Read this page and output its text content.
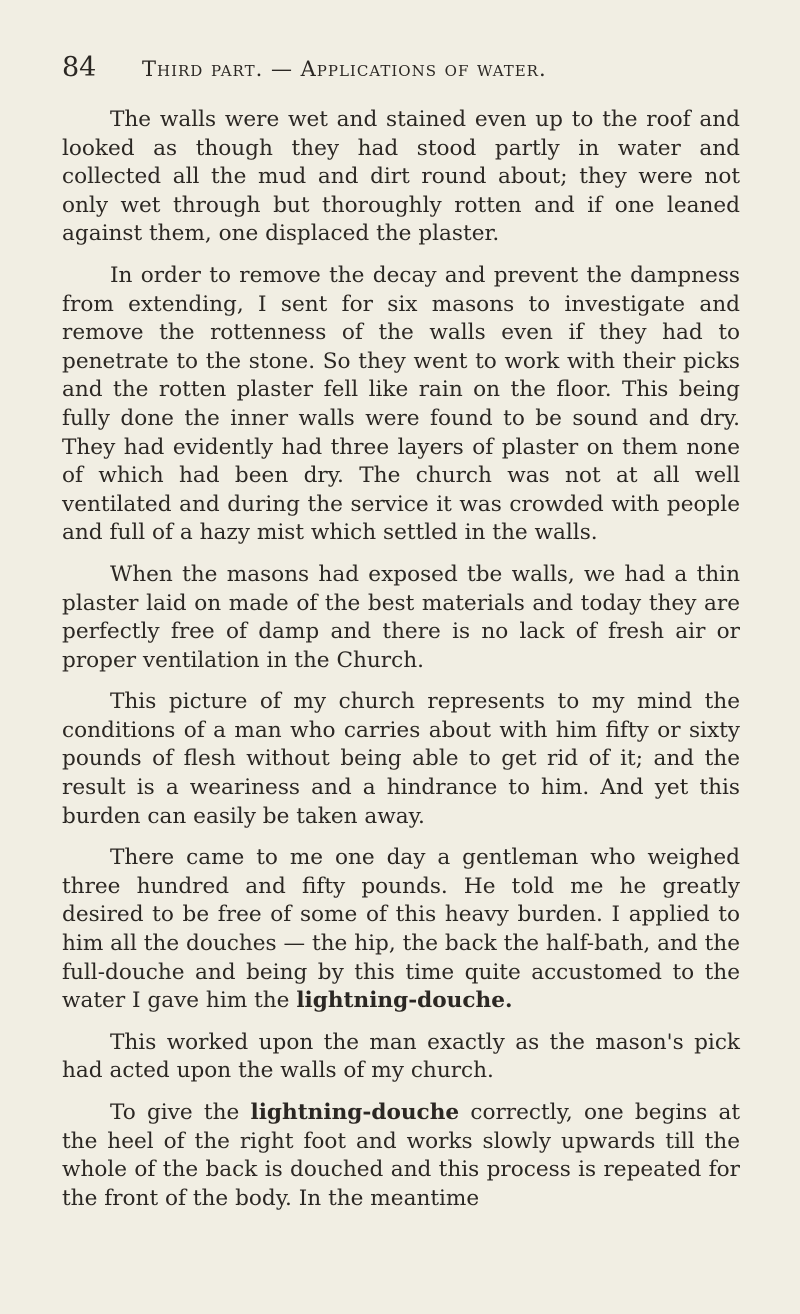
84	Third part. — Applications of water.

The walls were wet and stained even up to the roof and looked as though they had stood partly in water and collected all the mud and dirt round about; they were not only wet through but thoroughly rotten and if one leaned against them, one displaced the plaster.

In order to remove the decay and prevent the dampness from extending, I sent for six masons to investigate and remove the rottenness of the walls even if they had to penetrate to the stone. So they went to work with their picks and the rotten plaster fell like rain on the floor. This being fully done the inner walls were found to be sound and dry. They had evidently had three layers of plaster on them none of which had been dry. The church was not at all well ventilated and during the service it was crowded with people and full of a hazy mist which settled in the walls.

When the masons had exposed tbe walls, we had a thin plaster laid on made of the best materials and today they are perfectly free of damp and there is no lack of fresh air or proper ventilation in the Church.

This picture of my church represents to my mind the conditions of a man who carries about with him fifty or sixty pounds of flesh without being able to get rid of it; and the result is a weariness and a hindrance to him. And yet this burden can easily be taken away.

There came to me one day a gentleman who weighed three hundred and fifty pounds. He told me he greatly desired to be free of some of this heavy burden. I applied to him all the douches — the hip, the back the half-bath, and the full-douche and being by this time quite accustomed to the water I gave him the lightning-douche.

This worked upon the man exactly as the mason's pick had acted upon the walls of my church.

To give the lightning-douche correctly, one begins at the heel of the right foot and works slowly upwards till the whole of the back is douched and this process is repeated for the front of the body. In the meantime
